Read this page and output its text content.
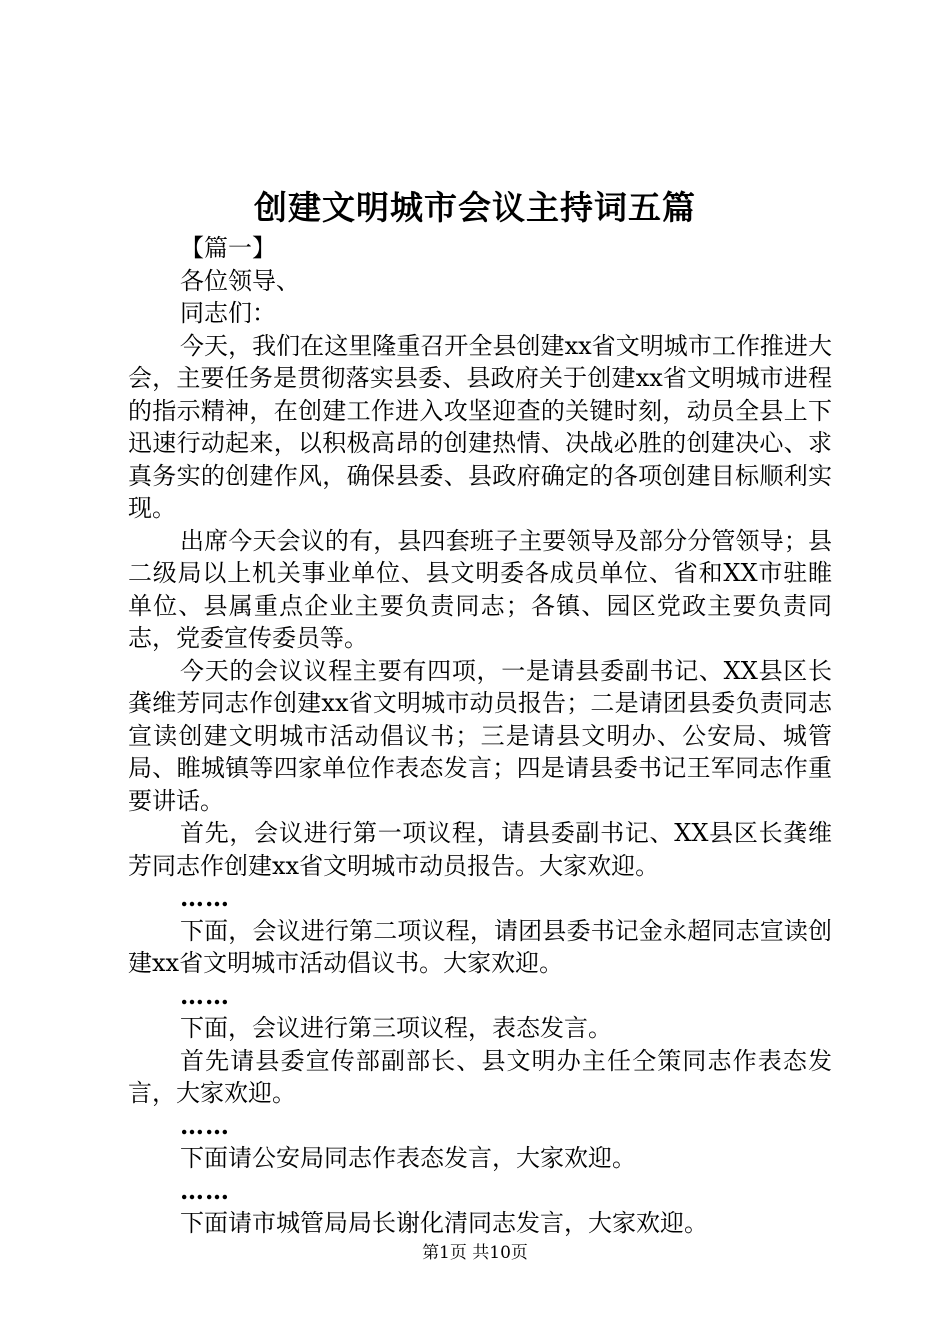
创建文明城市会议主持词五篇
【篇一】
各位领导、
同志们：

今天，我们在这里隆重召开全县创建xx省文明城市工作推进大会，主要任务是贯彻落实县委、县政府关于创建xx省文明城市进程的指示精神，在创建工作进入攻坚迎查的关键时刻，动员全县上下迅速行动起来，以积极高昂的创建热情、决战必胜的创建决心、求真务实的创建作风，确保县委、县政府确定的各项创建目标顺利实现。

出席今天会议的有，县四套班子主要领导及部分分管领导；县二级局以上机关事业单位、县文明委各成员单位、省和XX市驻睢单位、县属重点企业主要负责同志；各镇、园区党政主要负责同志，党委宣传委员等。

今天的会议议程主要有四项，一是请县委副书记、XX县区长龚维芳同志作创建xx省文明城市动员报告；二是请团县委负责同志宣读创建文明城市活动倡议书；三是请县文明办、公安局、城管局、睢城镇等四家单位作表态发言；四是请县委书记王军同志作重要讲话。

首先，会议进行第一项议程，请县委副书记、XX县区长龚维芳同志作创建xx省文明城市动员报告。大家欢迎。

……

下面，会议进行第二项议程，请团县委书记金永超同志宣读创建xx省文明城市活动倡议书。大家欢迎。

……

下面，会议进行第三项议程，表态发言。

首先请县委宣传部副部长、县文明办主任仝策同志作表态发言，大家欢迎。

……

下面请公安局同志作表态发言，大家欢迎。

……

下面请市城管局局长谢化清同志发言，大家欢迎。

第1页 共10页
